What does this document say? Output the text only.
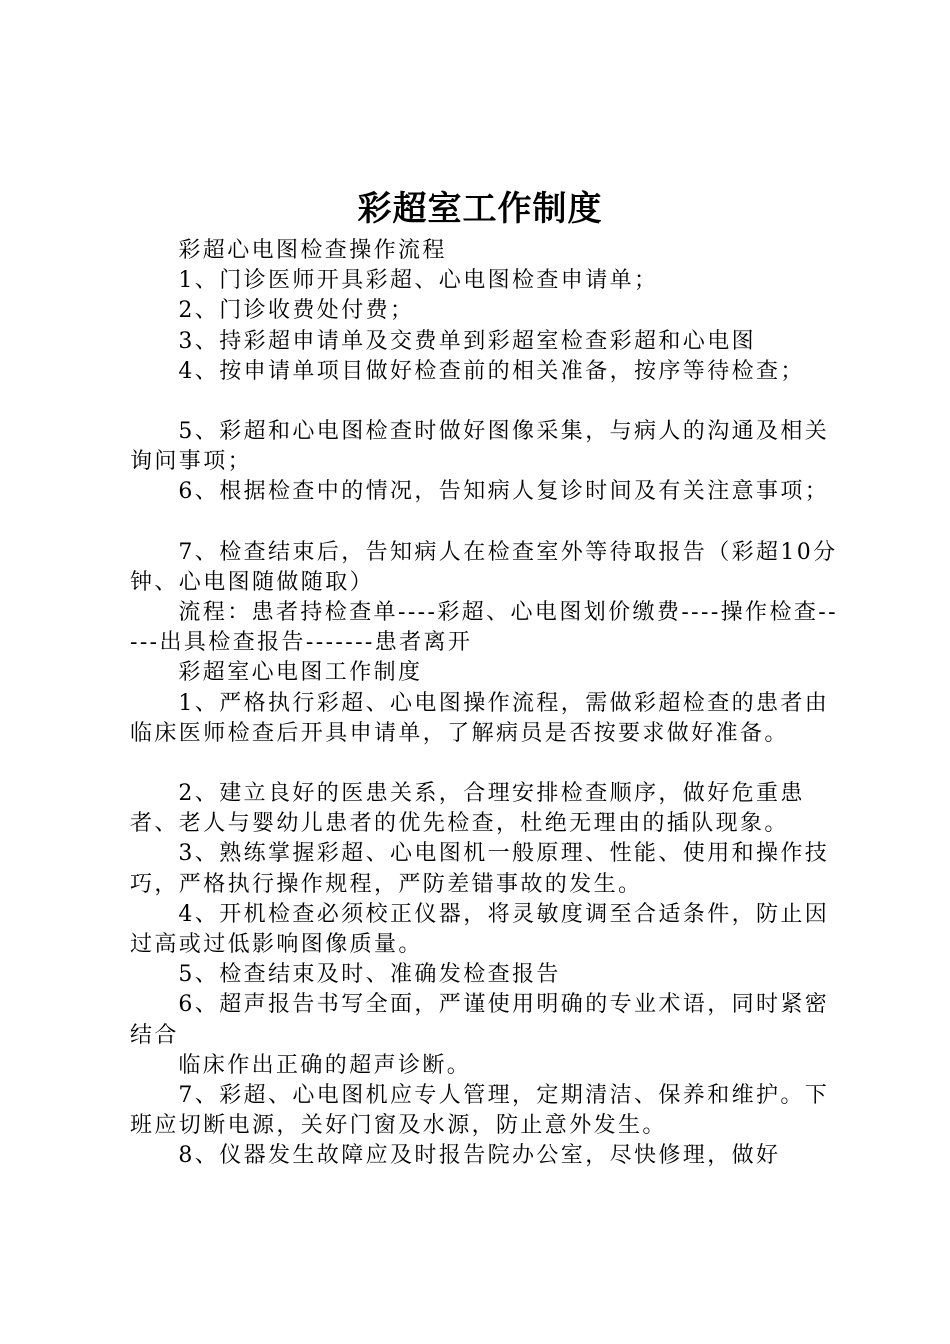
彩超室工作制度

彩超心电图检查操作流程

1、门诊医师开具彩超、心电图检查申请单；

2、门诊收费处付费；

3、持彩超申请单及交费单到彩超室检查彩超和心电图

4、按申请单项目做好检查前的相关准备，按序等待检查；

5、彩超和心电图检查时做好图像采集，与病人的沟通及相关询问事项；

6、根据检查中的情况，告知病人复诊时间及有关注意事项；

7、检查结束后，告知病人在检查室外等待取报告（彩超10分钟、心电图随做随取）

流程：患者持检查单----彩超、心电图划价缴费----操作检查-----出具检查报告-------患者离开

彩超室心电图工作制度

1、严格执行彩超、心电图操作流程，需做彩超检查的患者由临床医师检查后开具申请单，了解病员是否按要求做好准备。

2、建立良好的医患关系，合理安排检查顺序，做好危重患者、老人与婴幼儿患者的优先检查，杜绝无理由的插队现象。

3、熟练掌握彩超、心电图机一般原理、性能、使用和操作技巧，严格执行操作规程，严防差错事故的发生。

4、开机检查必须校正仪器，将灵敏度调至合适条件，防止因过高或过低影响图像质量。

5、检查结束及时、准确发检查报告

6、超声报告书写全面，严谨使用明确的专业术语，同时紧密结合

临床作出正确的超声诊断。

7、彩超、心电图机应专人管理，定期清洁、保养和维护。下班应切断电源，关好门窗及水源，防止意外发生。

8、仪器发生故障应及时报告院办公室，尽快修理，做好
